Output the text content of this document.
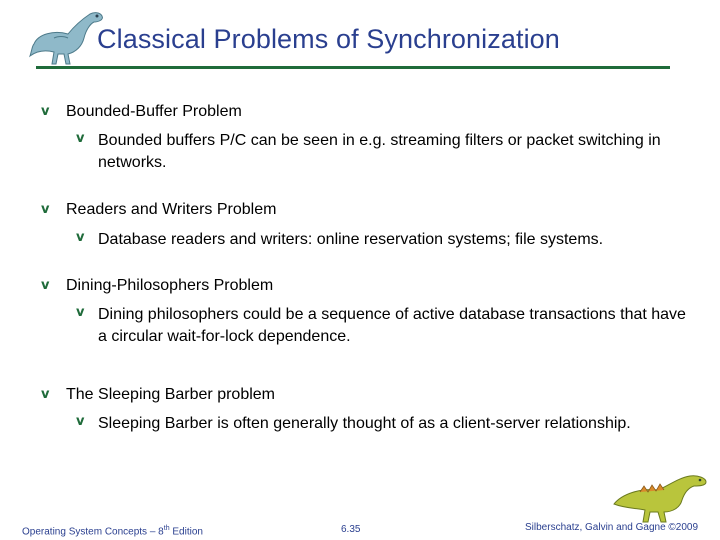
Classical Problems of Synchronization
v Bounded-Buffer Problem
v Bounded buffers P/C can be seen in e.g. streaming filters or packet switching in networks.
v Readers and Writers Problem
v Database readers and writers: online reservation systems; file systems.
v Dining-Philosophers Problem
v Dining philosophers could be a sequence of active database transactions that have a circular wait-for-lock dependence.
v The Sleeping Barber problem
v Sleeping Barber is often generally thought of as a client-server relationship.
Operating System Concepts – 8th Edition	6.35	Silberschatz, Galvin and Gagne ©2009
